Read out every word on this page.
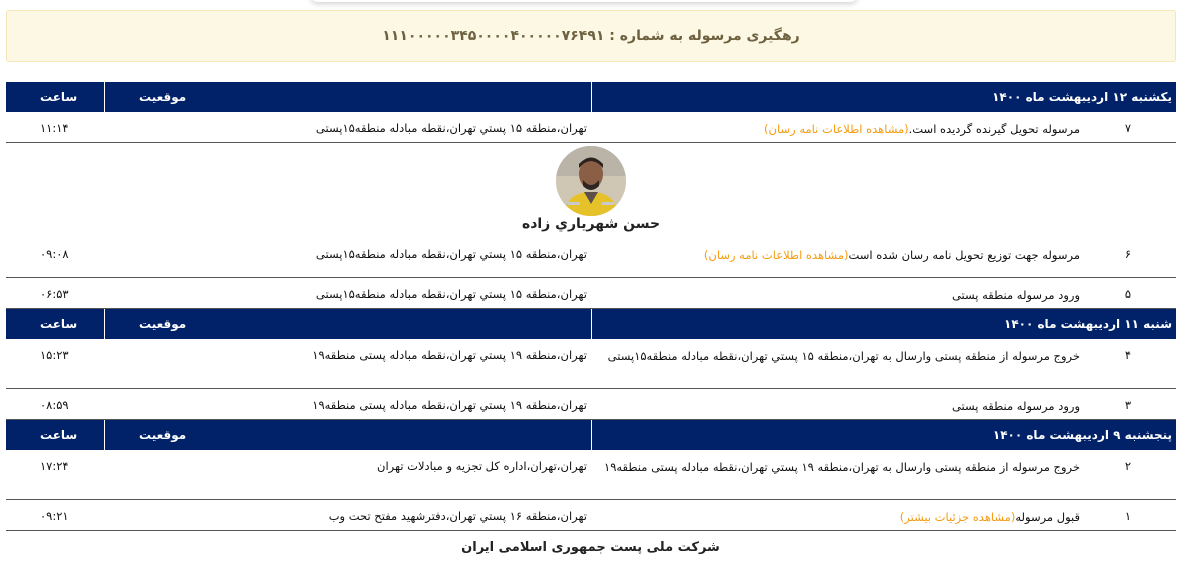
رهگیری مرسوله به شماره : ۱۱۱۰۰۰۰۰۳۴۵۰۰۰۰۴۰۰۰۰۰۷۶۴۹۱
یکشنبه ۱۲ اردیبهشت ماه ۱۴۰۰
موقعیت
ساعت
۷
مرسوله تحویل گیرنده گردیده است.(مشاهده اطلاعات نامه رسان)
تهران،منطقه ۱۵ پستي تهران،نقطه مبادله منطقه۱۵پستی
۱۱:۱۴
حسن شهرياري زاده
۶
مرسوله جهت توزیع تحویل نامه رسان شده است(مشاهده اطلاعات نامه رسان)
تهران،منطقه ۱۵ پستي تهران،نقطه مبادله منطقه۱۵پستی
۰۹:۰۸
۵
ورود مرسوله منطقه پستی
تهران،منطقه ۱۵ پستي تهران،نقطه مبادله منطقه۱۵پستی
۰۶:۵۳
شنبه ۱۱ اردیبهشت ماه ۱۴۰۰
موقعیت
ساعت
۴
خروج مرسوله از منطقه پستی وارسال به تهران،منطقه ۱۵ پستي تهران،نقطه مبادله منطقه۱۵پستی
تهران،منطقه ۱۹ پستي تهران،نقطه مبادله پستی منطقه۱۹
۱۵:۲۳
۳
ورود مرسوله منطقه پستی
تهران،منطقه ۱۹ پستي تهران،نقطه مبادله پستی منطقه۱۹
۰۸:۵۹
پنجشنبه ۹ اردیبهشت ماه ۱۴۰۰
موقعیت
ساعت
۲
خروج مرسوله از منطقه پستی وارسال به تهران،منطقه ۱۹ پستي تهران،نقطه مبادله پستی منطقه۱۹
تهران،تهران،اداره کل تجزیه و مبادلات تهران
۱۷:۲۴
۱
قبول مرسوله(مشاهده جزئیات بیشتر)
تهران،منطقه ۱۶ پستي تهران،دفترشهید مفتح تحت وب
۰۹:۲۱
شرکت ملی پست جمهوری اسلامی ایران
